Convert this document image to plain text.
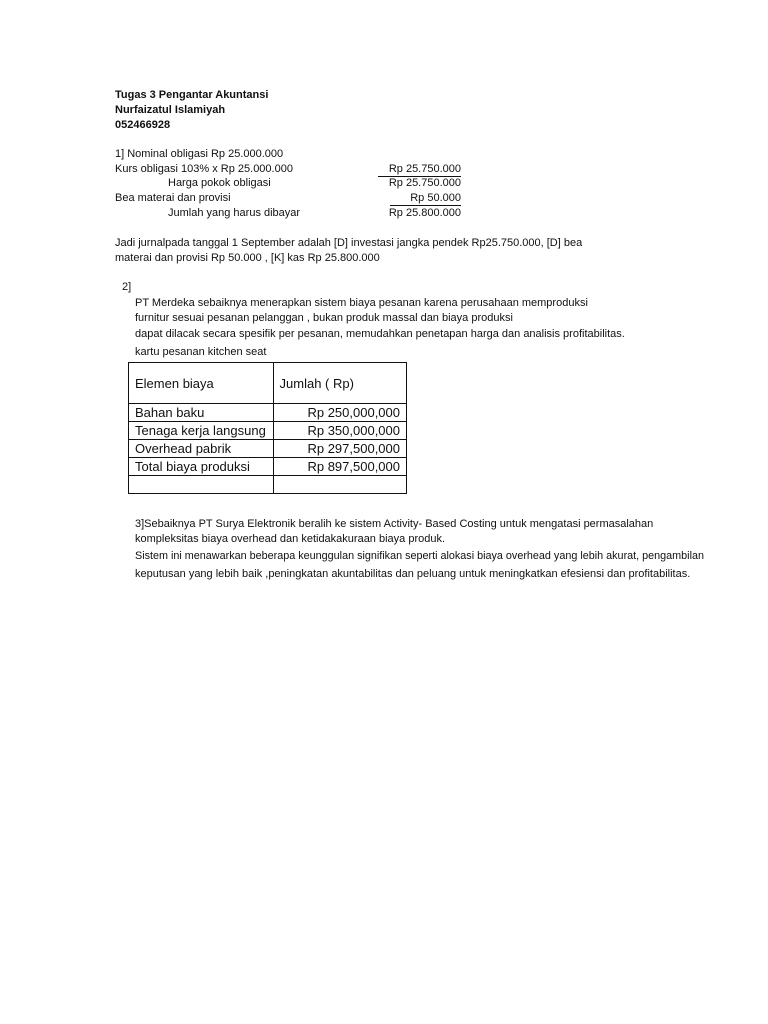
Tugas 3 Pengantar Akuntansi
Nurfaizatul Islamiyah
052466928
1] Nominal obligasi Rp 25.000.000
Kurs obligasi 103% x Rp 25.000.000	Rp 25.750.000
Harga pokok obligasi	Rp 25.750.000
Bea materai dan provisi	Rp 50.000
Jumlah yang harus dibayar	Rp 25.800.000
Jadi jurnalpada tanggal 1 September adalah [D] investasi jangka pendek Rp25.750.000, [D] bea
materai dan provisi Rp 50.000 , [K] kas Rp 25.800.000
2]
PT Merdeka sebaiknya menerapkan sistem biaya pesanan karena perusahaan memproduksi
furnitur sesuai pesanan pelanggan , bukan produk massal dan biaya produksi
dapat dilacak secara spesifik per pesanan, memudahkan penetapan harga dan analisis profitabilitas.
kartu pesanan kitchen seat
Elemen biaya	Jumlah ( Rp)
Bahan baku	Rp 250,000,000
Tenaga kerja langsung	Rp 350,000,000
Overhead pabrik	Rp 297,500,000
Total biaya produksi	Rp 897,500,000

3]Sebaiknya PT Surya Elektronik beralih ke sistem Activity- Based Costing untuk mengatasi permasalahan
kompleksitas biaya overhead dan ketidakakuraan biaya produk.
Sistem ini menawarkan beberapa keunggulan signifikan seperti alokasi biaya overhead yang lebih akurat, pengambilan
keputusan yang lebih baik ,peningkatan akuntabilitas dan peluang untuk meningkatkan efesiensi dan profitabilitas.
